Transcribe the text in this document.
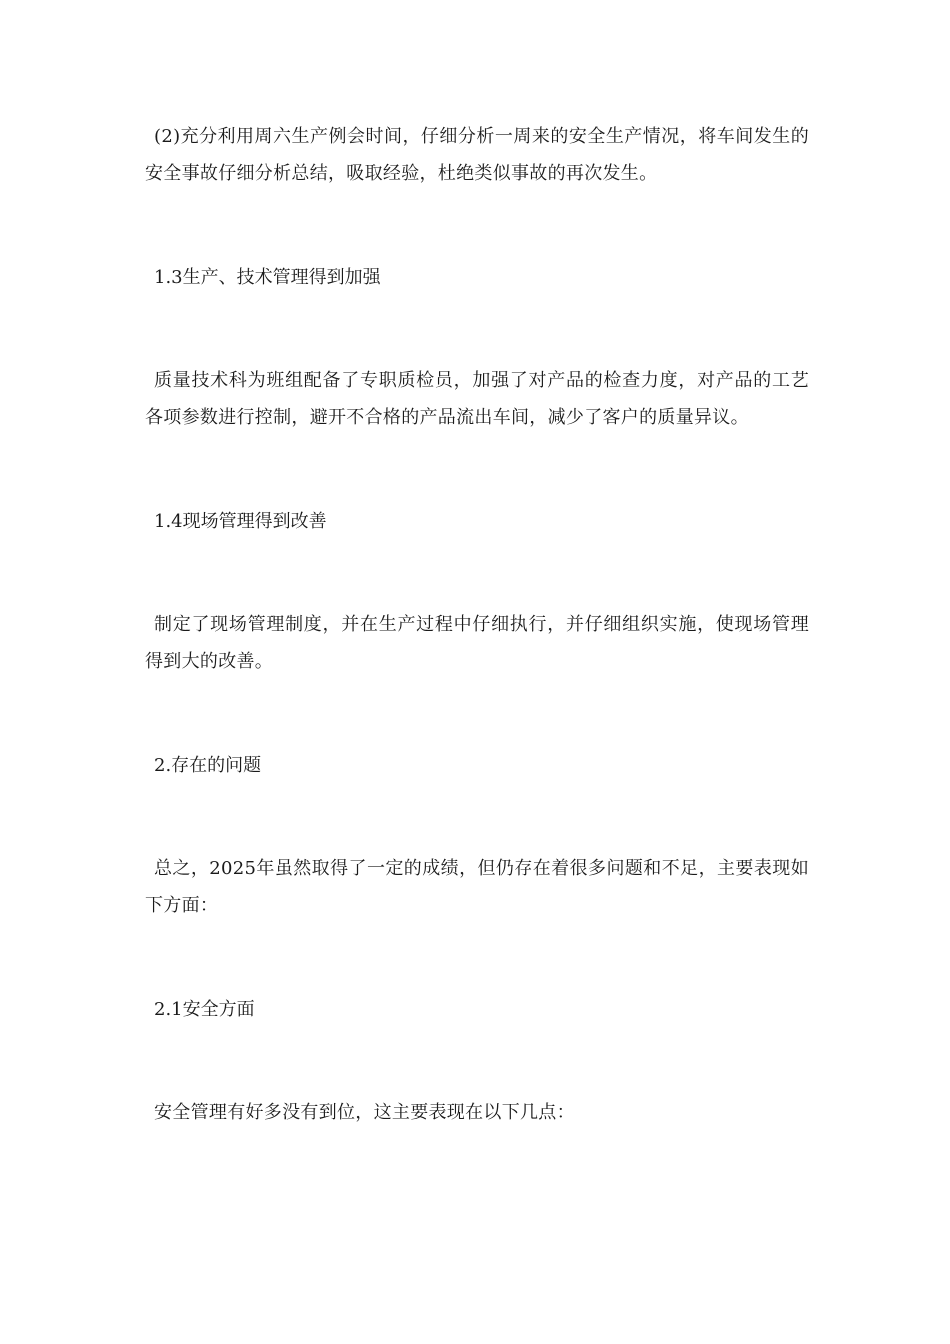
(2)充分利用周六生产例会时间，仔细分析一周来的安全生产情况，将车间发生的安全事故仔细分析总结，吸取经验，杜绝类似事故的再次发生。

1.3生产、技术管理得到加强

质量技术科为班组配备了专职质检员，加强了对产品的检查力度，对产品的工艺各项参数进行控制，避开不合格的产品流出车间，减少了客户的质量异议。

1.4现场管理得到改善

制定了现场管理制度，并在生产过程中仔细执行，并仔细组织实施，使现场管理得到大的改善。

2.存在的问题

总之，2025年虽然取得了一定的成绩，但仍存在着很多问题和不足，主要表现如下方面：

2.1安全方面

安全管理有好多没有到位，这主要表现在以下几点：
